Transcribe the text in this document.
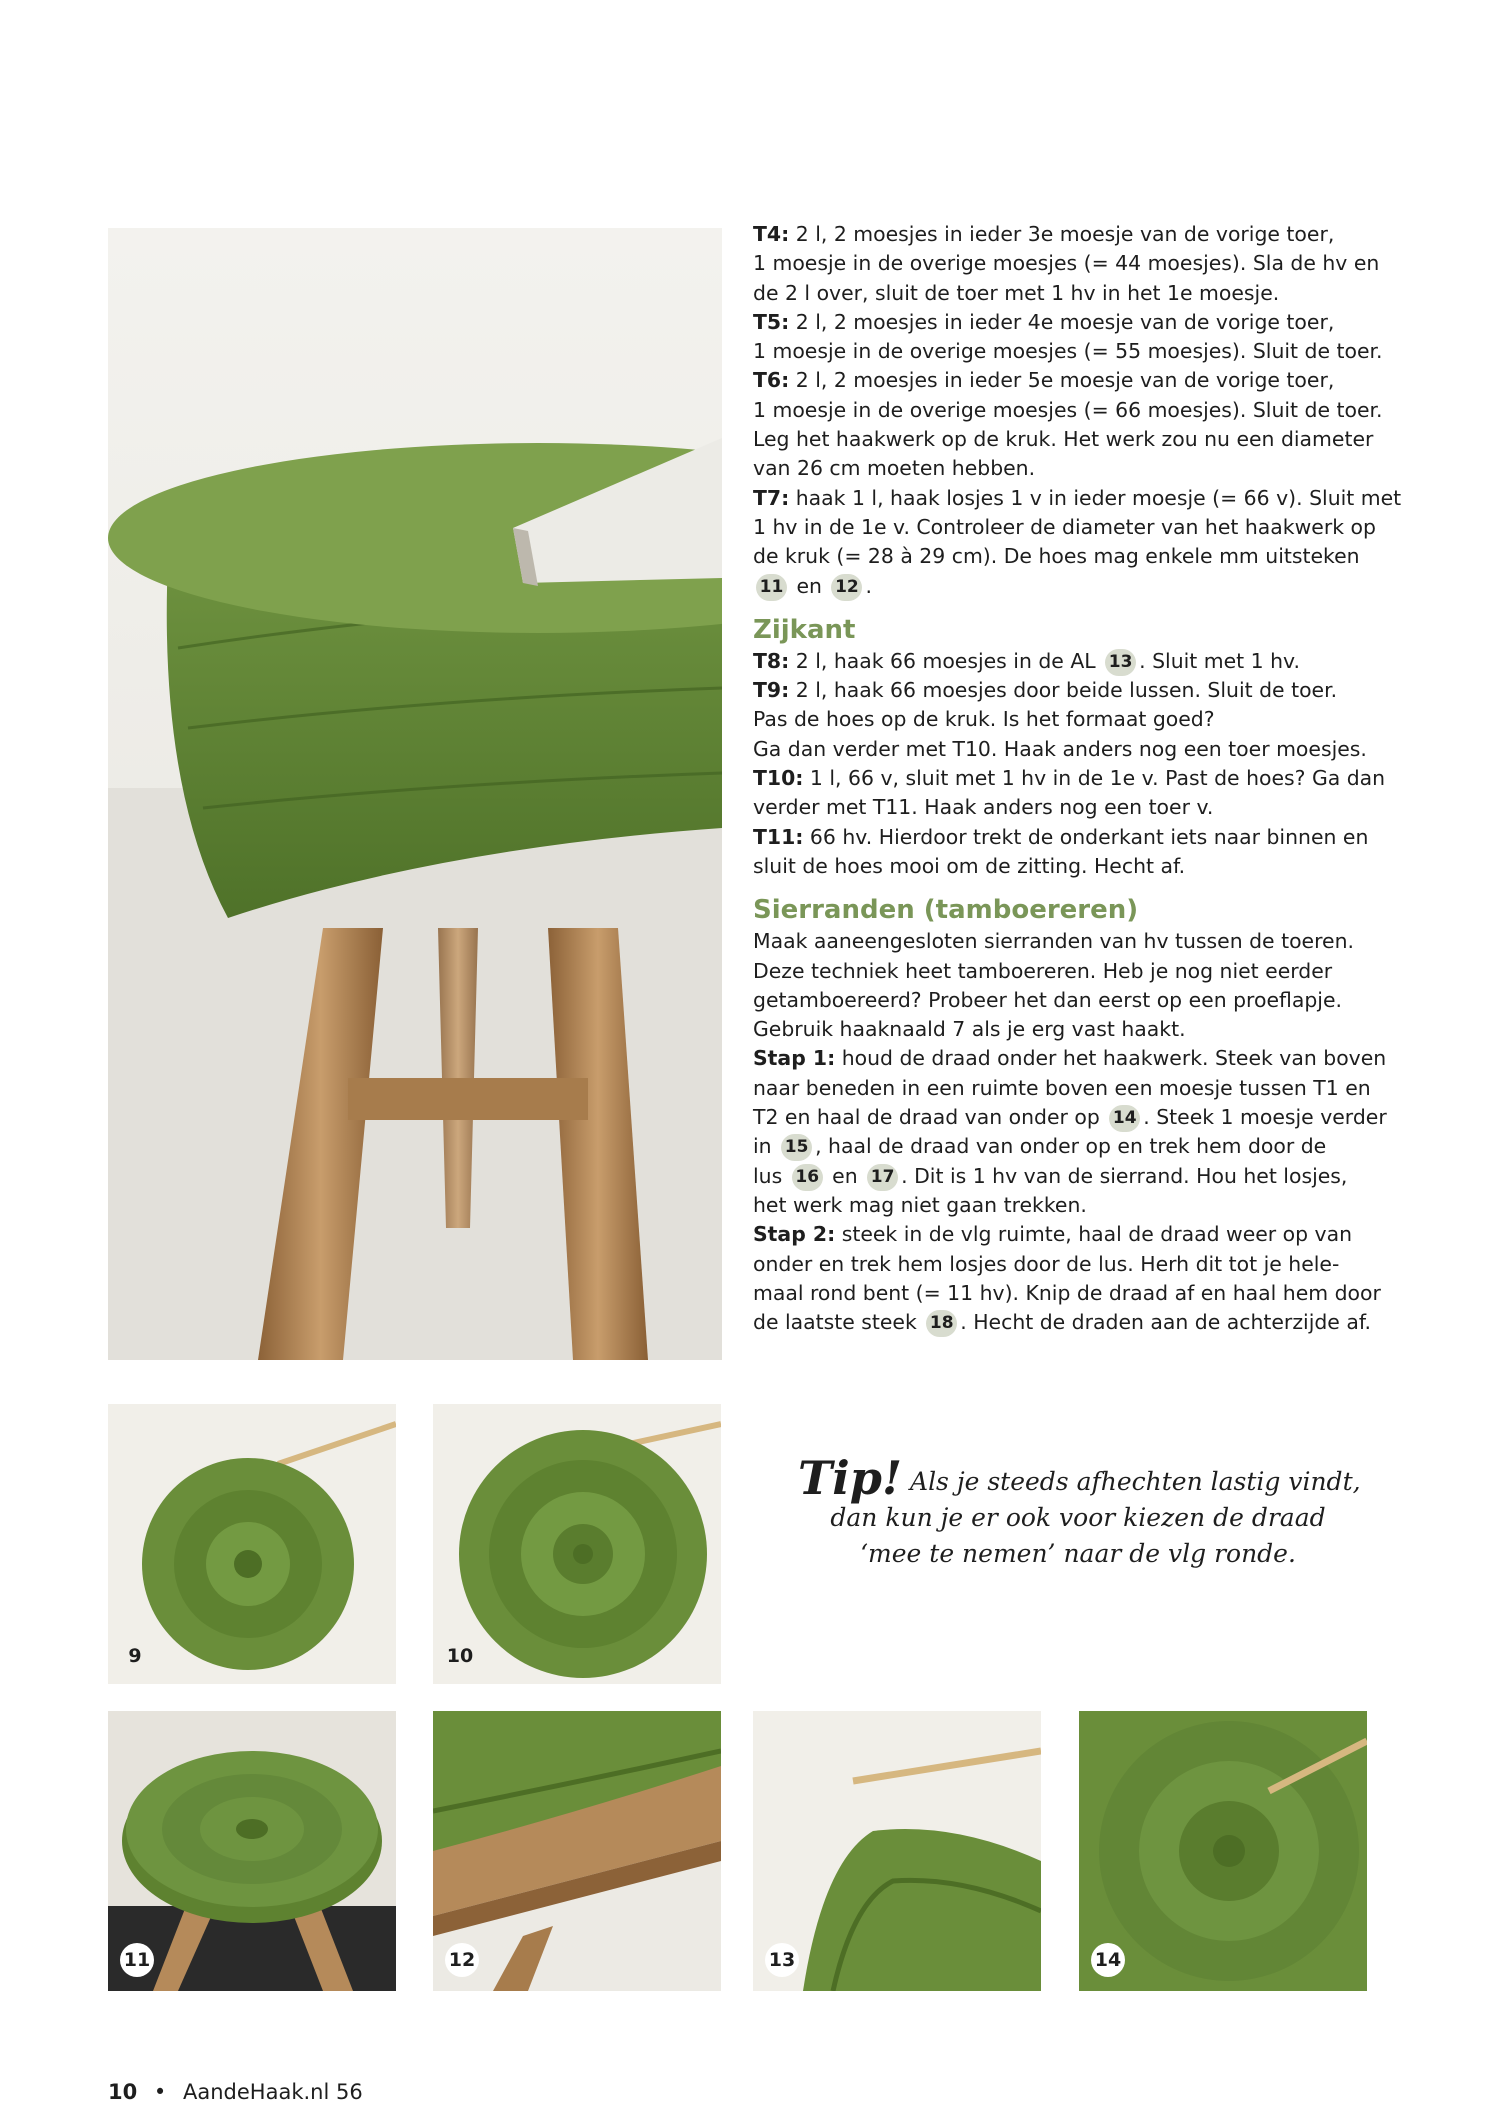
9	10
11	12	13	14
T4: 2 l, 2 moesjes in ieder 3e moesje van de vorige toer,
1 moesje in de overige moesjes (= 44 moesjes). Sla de hv en
de 2 l over, sluit de toer met 1 hv in het 1e moesje.
T5: 2 l, 2 moesjes in ieder 4e moesje van de vorige toer,
1 moesje in de overige moesjes (= 55 moesjes). Sluit de toer.
T6: 2 l, 2 moesjes in ieder 5e moesje van de vorige toer,
1 moesje in de overige moesjes (= 66 moesjes). Sluit de toer.
Leg het haakwerk op de kruk. Het werk zou nu een diameter
van 26 cm moeten hebben.
T7: haak 1 l, haak losjes 1 v in ieder moesje (= 66 v). Sluit met
1 hv in de 1e v. Controleer de diameter van het haakwerk op
de kruk (= 28 à 29 cm). De hoes mag enkele mm uitsteken
11 en 12 .
Zijkant
T8: 2 l, haak 66 moesjes in de AL 13 . Sluit met 1 hv.
T9: 2 l, haak 66 moesjes door beide lussen. Sluit de toer.
Pas de hoes op de kruk. Is het formaat goed?
Ga dan verder met T10. Haak anders nog een toer moesjes.
T10: 1 l, 66 v, sluit met 1 hv in de 1e v. Past de hoes? Ga dan
verder met T11. Haak anders nog een toer v.
T11: 66 hv. Hierdoor trekt de onderkant iets naar binnen en
sluit de hoes mooi om de zitting. Hecht af.
Sierranden (tamboereren)
Maak aaneengesloten sierranden van hv tussen de toeren.
Deze techniek heet tamboereren. Heb je nog niet eerder
getamboereerd? Probeer het dan eerst op een proeflapje.
Gebruik haaknaald 7 als je erg vast haakt.
Stap 1: houd de draad onder het haakwerk. Steek van boven
naar beneden in een ruimte boven een moesje tussen T1 en
T2 en haal de draad van onder op 14 . Steek 1 moesje verder
in 15 , haal de draad van onder op en trek hem door de
lus 16 en 17 . Dit is 1 hv van de sierrand. Hou het losjes,
het werk mag niet gaan trekken.
Stap 2: steek in de vlg ruimte, haal de draad weer op van
onder en trek hem losjes door de lus. Herh dit tot je hele-
maal rond bent (= 11 hv). Knip de draad af en haal hem door
de laatste steek 18 . Hecht de draden aan de achterzijde af.
Tip! Als je steeds afhechten lastig vindt,
dan kun je er ook voor kiezen de draad
‘mee te nemen’ naar de vlg ronde.
10 • AandeHaak.nl 56
